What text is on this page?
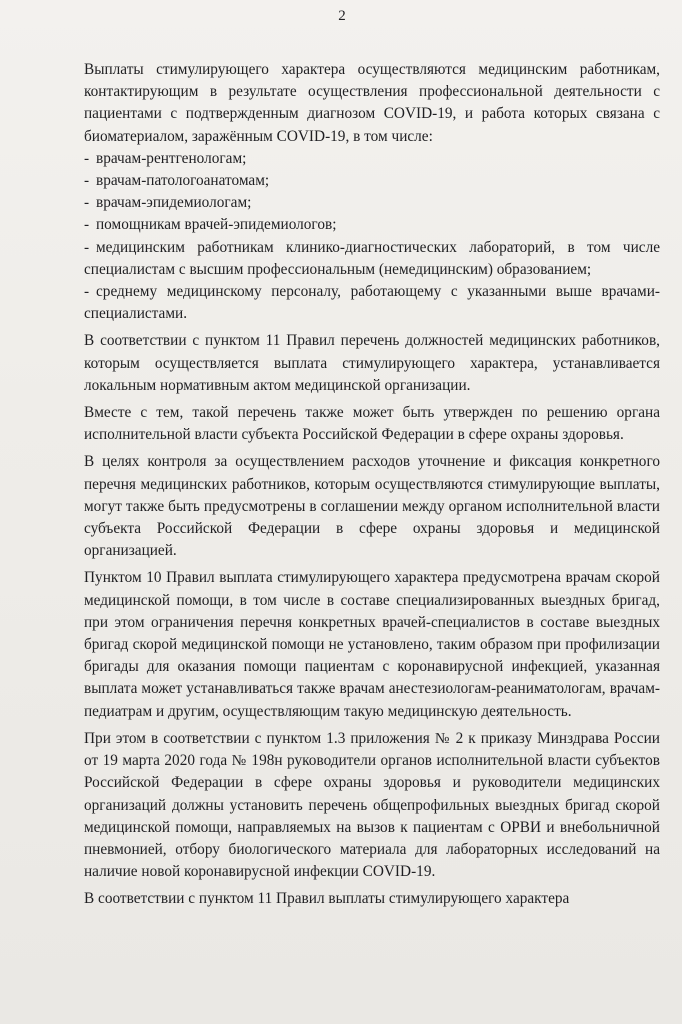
2

Выплаты стимулирующего характера осуществляются медицинским работникам, контактирующим в результате осуществления профессиональной деятельности с пациентами с подтвержденным диагнозом COVID-19, и работа которых связана с биоматериалом, заражённым COVID-19, в том числе:

- врачам-рентгенологам;
- врачам-патологоанатомам;
- врачам-эпидемиологам;
- помощникам врачей-эпидемиологов;
- медицинским работникам клинико-диагностических лабораторий, в том числе специалистам с высшим профессиональным (немедицинским) образованием;
- среднему медицинскому персоналу, работающему с указанными выше врачами-специалистами.

В соответствии с пунктом 11 Правил перечень должностей медицинских работников, которым осуществляется выплата стимулирующего характера, устанавливается локальным нормативным актом медицинской организации.

Вместе с тем, такой перечень также может быть утвержден по решению органа исполнительной власти субъекта Российской Федерации в сфере охраны здоровья.

В целях контроля за осуществлением расходов уточнение и фиксация конкретного перечня медицинских работников, которым осуществляются стимулирующие выплаты, могут также быть предусмотрены в соглашении между органом исполнительной власти субъекта Российской Федерации в сфере охраны здоровья и медицинской организацией.

Пунктом 10 Правил выплата стимулирующего характера предусмотрена врачам скорой медицинской помощи, в том числе в составе специализированных выездных бригад, при этом ограничения перечня конкретных врачей-специалистов в составе выездных бригад скорой медицинской помощи не установлено, таким образом при профилизации бригады для оказания помощи пациентам с коронавирусной инфекцией, указанная выплата может устанавливаться также врачам анестезиологам-реаниматологам, врачам-педиатрам и другим, осуществляющим такую медицинскую деятельность.

При этом в соответствии с пунктом 1.3 приложения № 2 к приказу Минздрава России от 19 марта 2020 года № 198н руководители органов исполнительной власти субъектов Российской Федерации в сфере охраны здоровья и руководители медицинских организаций должны установить перечень общепрофильных выездных бригад скорой медицинской помощи, направляемых на вызов к пациентам с ОРВИ и внебольничной пневмонией, отбору биологического материала для лабораторных исследований на наличие новой коронавирусной инфекции COVID-19.

В соответствии с пунктом 11 Правил выплаты стимулирующего характера
